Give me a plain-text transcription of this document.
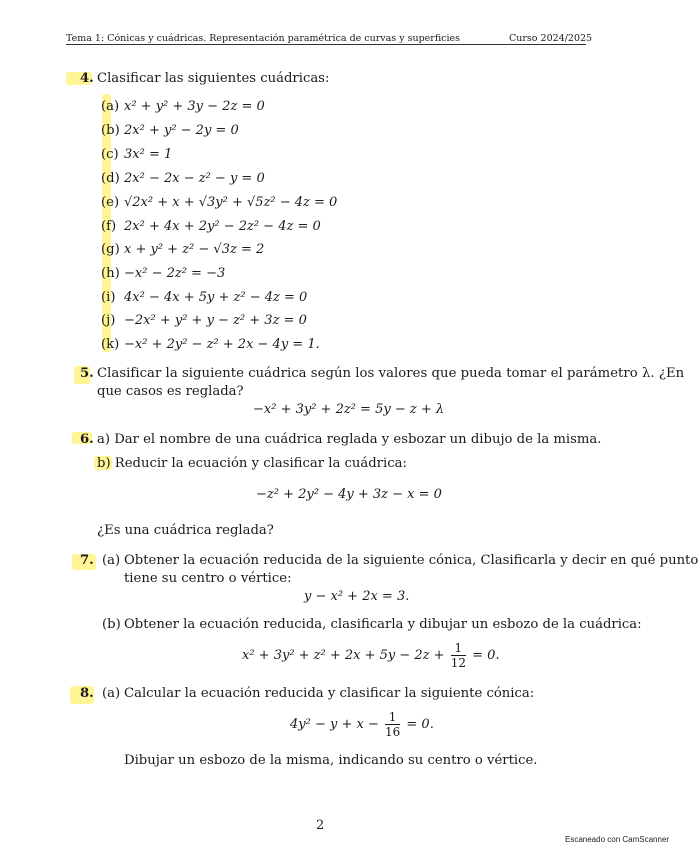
Tema 1: Cónicas y cuádricas. Representación paramétrica de curvas y superficies	Curso 2024/2025
4. Clasificar las siguientes cuádricas:
(a) x² + y² + 3y − 2z = 0
(b) 2x² + y² − 2y = 0
(c) 3x² = 1
(d) 2x² − 2x − z² − y = 0
(e) √2x² + x + √3y² + √5z² − 4z = 0
(f) 2x² + 4x + 2y² − 2z² − 4z = 0
(g) x + y² + z² − √3z = 2
(h) −x² − 2z² = −3
(i) 4x² − 4x + 5y + z² − 4z = 0
(j) −2x² + y² + y − z² + 3z = 0
(k) −x² + 2y² − z² + 2x − 4y = 1.
5. Clasificar la siguiente cuádrica según los valores que pueda tomar el parámetro λ. ¿En
que casos es reglada?
−x² + 3y² + 2z² = 5y − z + λ
6. a) Dar el nombre de una cuádrica reglada y esbozar un dibujo de la misma.
b) Reducir la ecuación y clasificar la cuádrica:
−z² + 2y² − 4y + 3z − x = 0
¿Es una cuádrica reglada?
7. (a) Obtener la ecuación reducida de la siguiente cónica, Clasificarla y decir en qué punto
tiene su centro o vértice:
y − x² + 2x = 3.
(b) Obtener la ecuación reducida, clasificarla y dibujar un esbozo de la cuádrica:
$x^2 + 3y^2 + z^2 + 2x + 5y - 2z + \frac{1}{12} = 0$.
8. (a) Calcular la ecuación reducida y clasificar la siguiente cónica:
$4y^2 - y + x - \frac{1}{16} = 0$.
Dibujar un esbozo de la misma, indicando su centro o vértice.
2
Escaneado con CamScanner
